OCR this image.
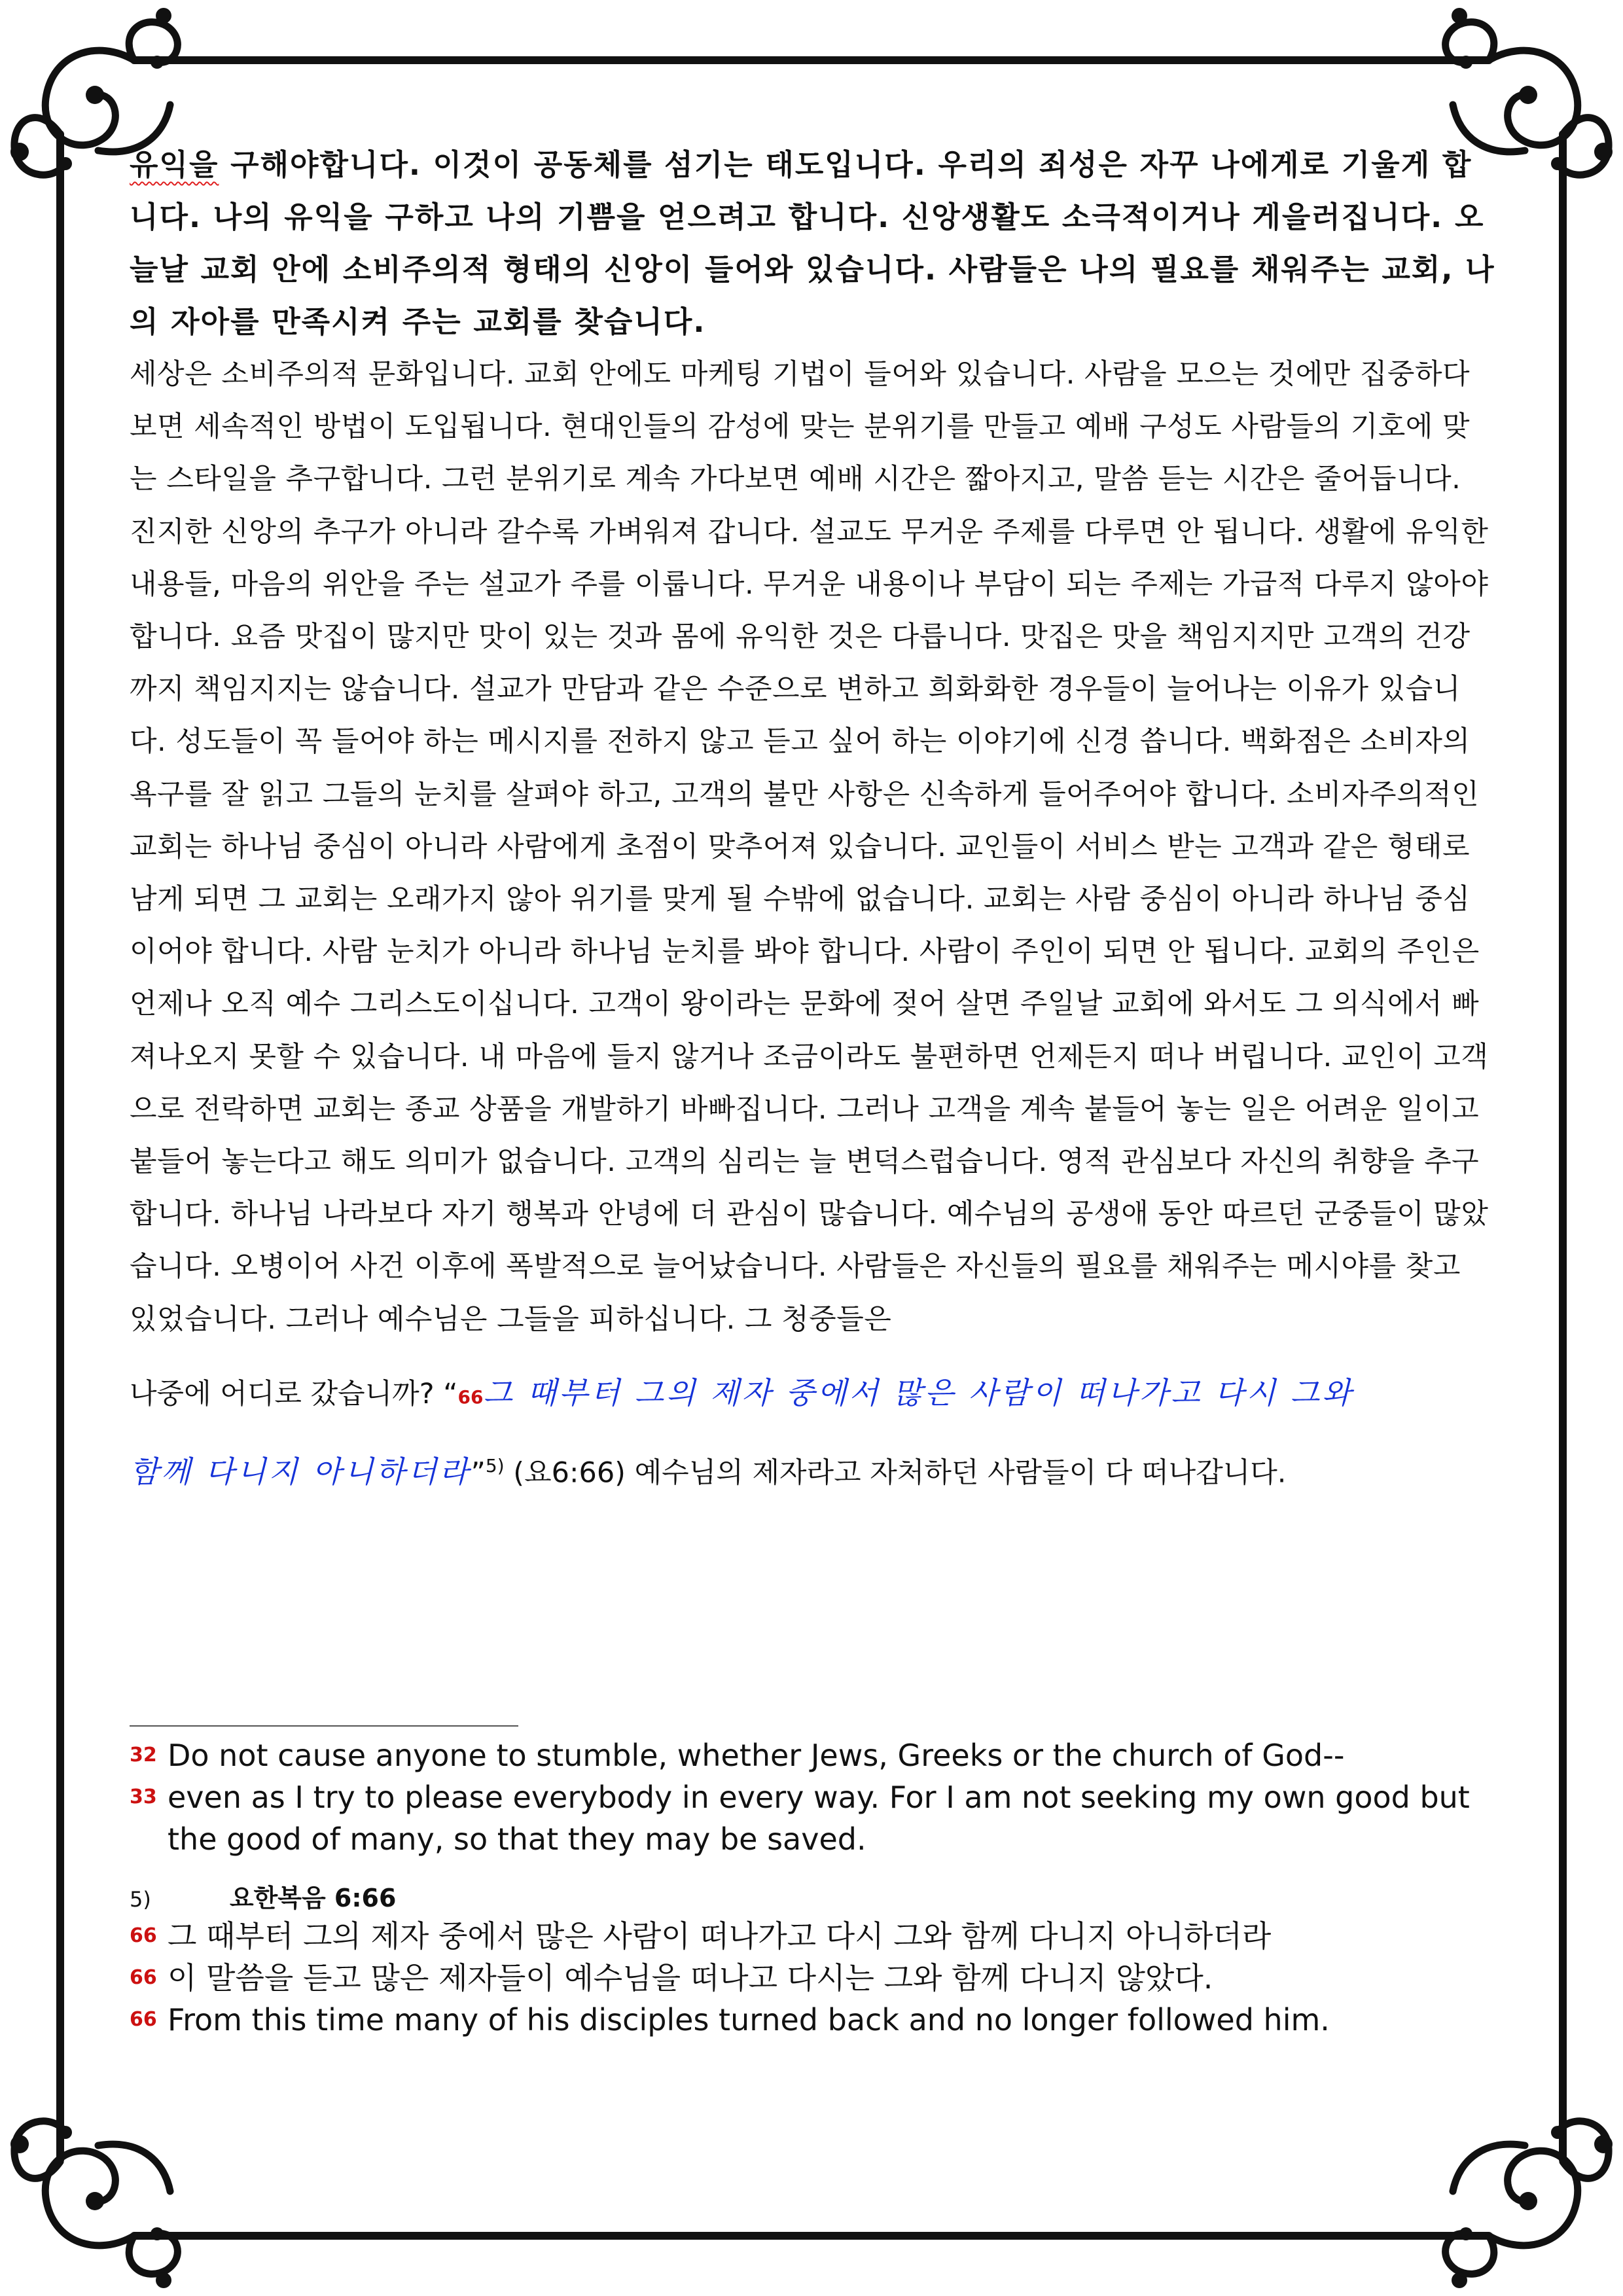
유익을 구해야합니다. 이것이 공동체를 섬기는 태도입니다. 우리의 죄성은 자꾸 나에게로 기울게 합니다. 나의 유익을 구하고 나의 기쁨을 얻으려고 합니다. 신앙생활도 소극적이거나 게을러집니다. 오늘날 교회 안에 소비주의적 형태의 신앙이 들어와 있습니다. 사람들은 나의 필요를 채워주는 교회, 나의 자아를 만족시켜 주는 교회를 찾습니다.

세상은 소비주의적 문화입니다. 교회 안에도 마케팅 기법이 들어와 있습니다. 사람을 모으는 것에만 집중하다 보면 세속적인 방법이 도입됩니다. 현대인들의 감성에 맞는 분위기를 만들고 예배 구성도 사람들의 기호에 맞는 스타일을 추구합니다. 그런 분위기로 계속 가다보면 예배 시간은 짧아지고, 말씀 듣는 시간은 줄어듭니다. 진지한 신앙의 추구가 아니라 갈수록 가벼워져 갑니다. 설교도 무거운 주제를 다루면 안 됩니다. 생활에 유익한 내용들, 마음의 위안을 주는 설교가 주를 이룹니다. 무거운 내용이나 부담이 되는 주제는 가급적 다루지 않아야 합니다. 요즘 맛집이 많지만 맛이 있는 것과 몸에 유익한 것은 다릅니다. 맛집은 맛을 책임지지만 고객의 건강까지 책임지지는 않습니다. 설교가 만담과 같은 수준으로 변하고 희화화한 경우들이 늘어나는 이유가 있습니다. 성도들이 꼭 들어야 하는 메시지를 전하지 않고 듣고 싶어 하는 이야기에 신경 씁니다. 백화점은 소비자의 욕구를 잘 읽고 그들의 눈치를 살펴야 하고, 고객의 불만 사항은 신속하게 들어주어야 합니다. 소비자주의적인 교회는 하나님 중심이 아니라 사람에게 초점이 맞추어져 있습니다. 교인들이 서비스 받는 고객과 같은 형태로 남게 되면 그 교회는 오래가지 않아 위기를 맞게 될 수밖에 없습니다. 교회는 사람 중심이 아니라 하나님 중심이어야 합니다. 사람 눈치가 아니라 하나님 눈치를 봐야 합니다. 사람이 주인이 되면 안 됩니다. 교회의 주인은 언제나 오직 예수 그리스도이십니다. 고객이 왕이라는 문화에 젖어 살면 주일날 교회에 와서도 그 의식에서 빠져나오지 못할 수 있습니다. 내 마음에 들지 않거나 조금이라도 불편하면 언제든지 떠나 버립니다. 교인이 고객으로 전락하면 교회는 종교 상품을 개발하기 바빠집니다. 그러나 고객을 계속 붙들어 놓는 일은 어려운 일이고 붙들어 놓는다고 해도 의미가 없습니다. 고객의 심리는 늘 변덕스럽습니다. 영적 관심보다 자신의 취향을 추구합니다. 하나님 나라보다 자기 행복과 안녕에 더 관심이 많습니다. 예수님의 공생애 동안 따르던 군중들이 많았습니다. 오병이어 사건 이후에 폭발적으로 늘어났습니다. 사람들은 자신들의 필요를 채워주는 메시야를 찾고 있었습니다. 그러나 예수님은 그들을 피하십니다. 그 청중들은

나중에 어디로 갔습니까? “66그 때부터 그의 제자 중에서 많은 사람이 떠나가고 다시 그와

함께 다니지 아니하더라”$^{5)}$ (요6:66) 예수님의 제자라고 자처하던 사람들이 다 떠나갑니다.

32 Do not cause anyone to stumble, whether Jews, Greeks or the church of God--
33 even as I try to please everybody in every way. For I am not seeking my own good but the good of many, so that they may be saved.

5)	요한복음 6:66

66 그 때부터 그의 제자 중에서 많은 사람이 떠나가고 다시 그와 함께 다니지 아니하더라
66 이 말씀을 듣고 많은 제자들이 예수님을 떠나고 다시는 그와 함께 다니지 않았다.
66 From this time many of his disciples turned back and no longer followed him.
